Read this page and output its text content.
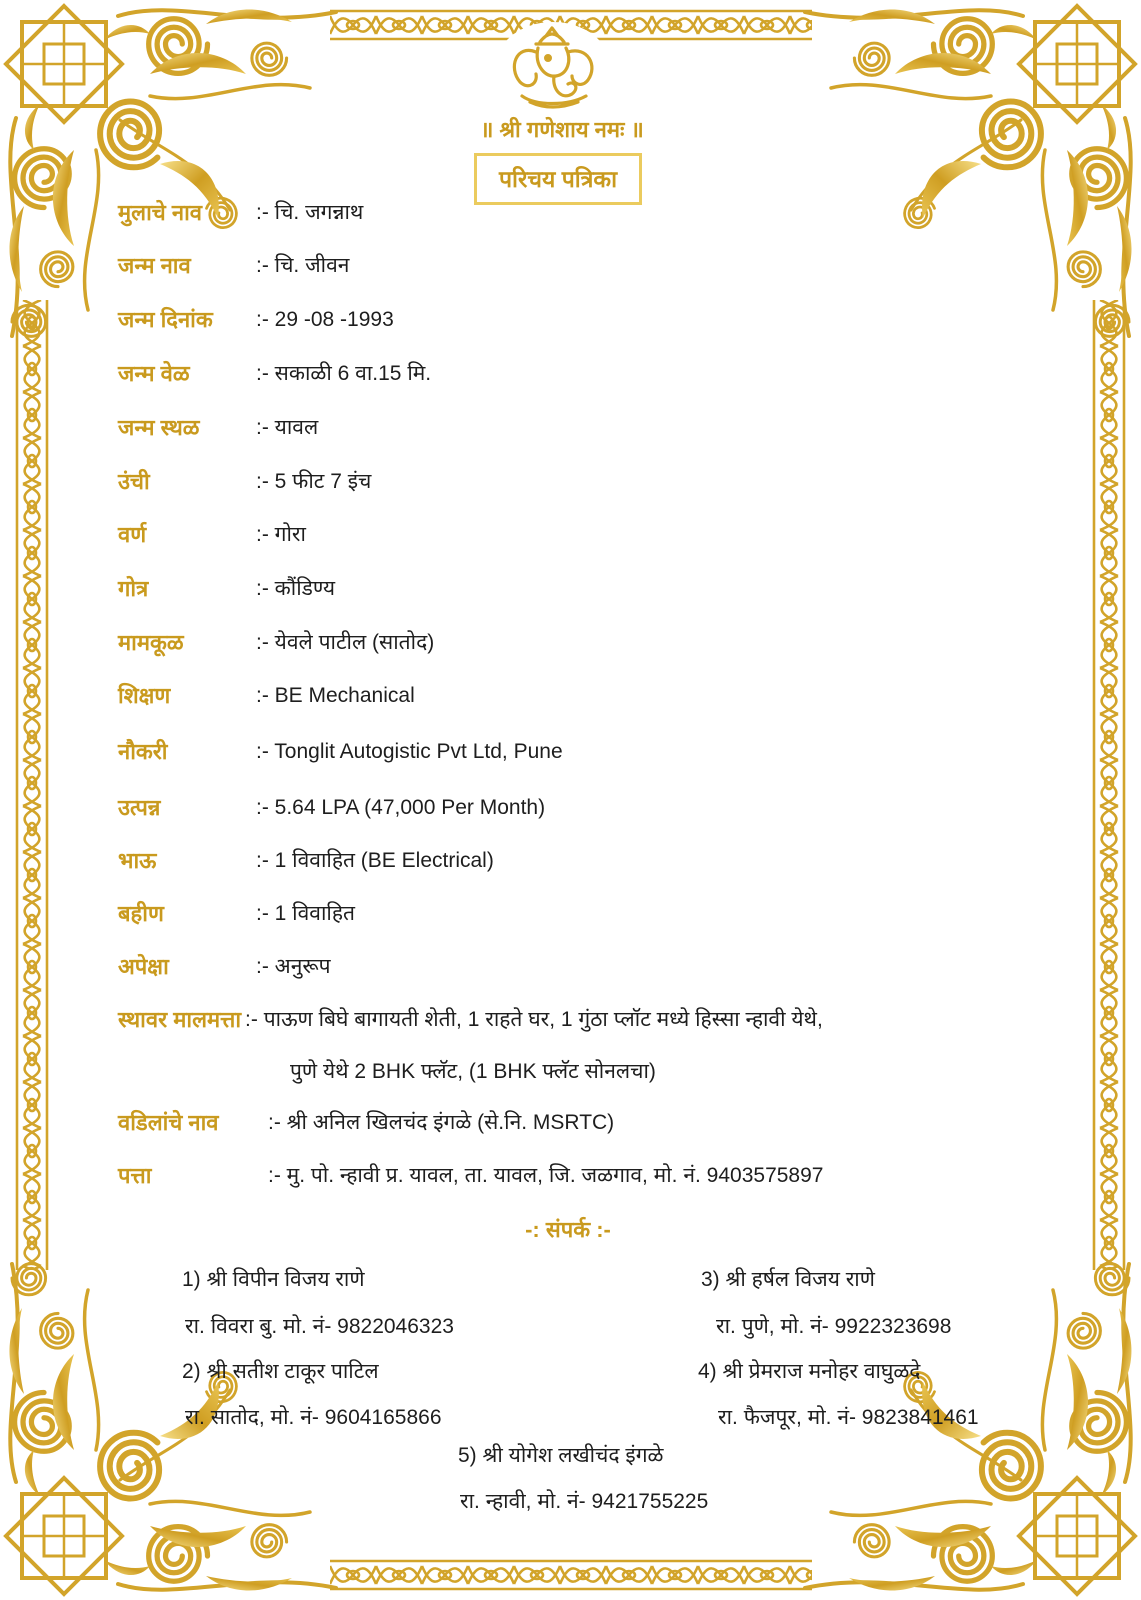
॥ श्री गणेशाय नमः ॥
परिचय पत्रिका
मुलाचे नाव	:- चि. जगन्नाथ
जन्म नाव	:- चि. जीवन
जन्म दिनांक :- 29 -08 -1993
जन्म वेळ	:- सकाळी 6 वा.15 मि.
जन्म स्थळ	:- यावल
उंची	:- 5 फीट 7 इंच
वर्ण	:- गोरा
गोत्र	:- कौंडिण्य
मामकूळ	:- येवले पाटील (सातोद)
शिक्षण	:- BE Mechanical
नौकरी	:- Tonglit Autogistic Pvt Ltd, Pune
उत्पन्न	:- 5.64 LPA (47,000 Per Month)
भाऊ	:- 1 विवाहित (BE Electrical)
बहीण	:- 1 विवाहित
अपेक्षा	:- अनुरूप
स्थावर मालमत्ता :- पाऊण बिघे बागायती शेती, 1 राहते घर, 1 गुंठा प्लॉट मध्ये हिस्सा न्हावी येथे,
पुणे येथे 2 BHK फ्लॅट, (1 BHK फ्लॅट सोनलचा)
वडिलांचे नाव :- श्री अनिल खिलचंद इंगळे (से.नि. MSRTC)
पत्ता	:- मु. पो. न्हावी प्र. यावल, ता. यावल, जि. जळगाव, मो. नं. 9403575897
-: संपर्क :-
1) श्री विपीन विजय राणे
रा. विवरा बु. मो. नं- 9822046323
2) श्री सतीश टाकूर पाटिल
रा. सातोद, मो. नं- 9604165866
3) श्री हर्षल विजय राणे
रा. पुणे, मो. नं- 9922323698
4) श्री प्रेमराज मनोहर वाघुळदे
रा. फैजपूर, मो. नं- 9823841461
5) श्री योगेश लखीचंद इंगळे
रा. न्हावी, मो. नं- 9421755225
